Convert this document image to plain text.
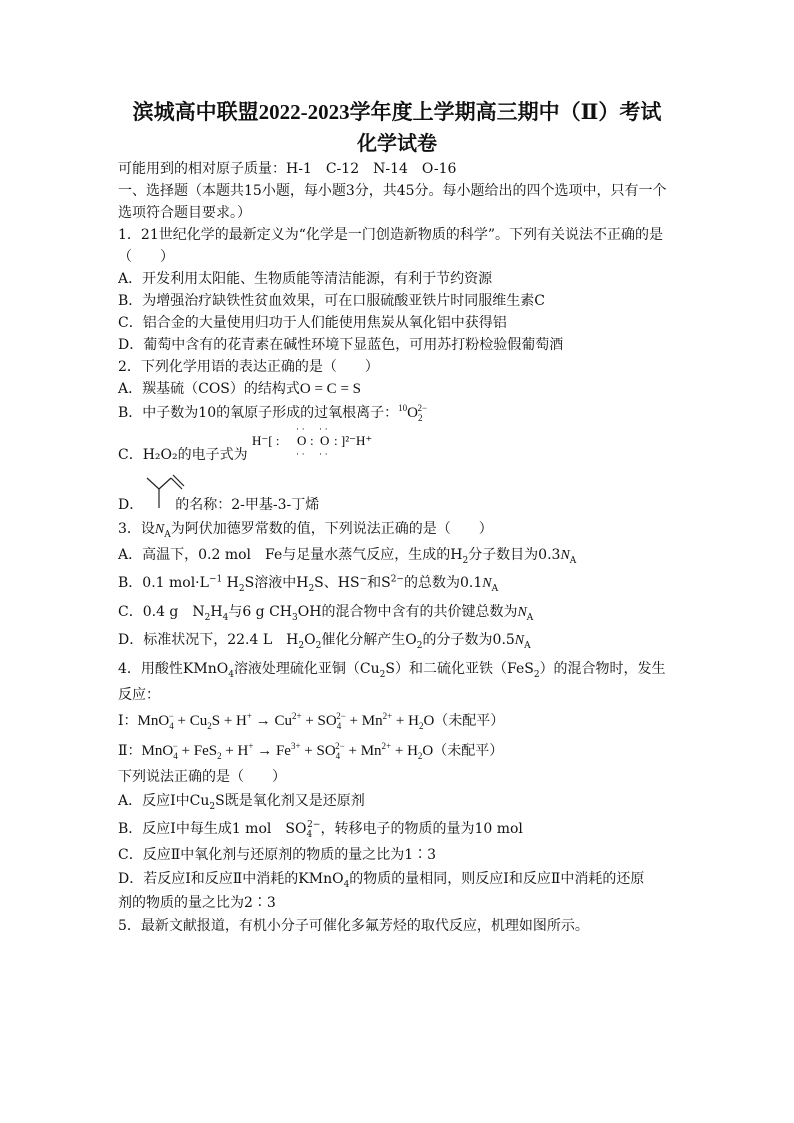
滨城高中联盟2022-2023学年度上学期高三期中（Ⅱ）考试
化学试卷
可能用到的相对原子质量：H-1　C-12　N-14　O-16
一、选择题（本题共15小题，每小题3分，共45分。每小题给出的四个选项中，只有一个
选项符合题目要求。）
1．21世纪化学的最新定义为“化学是一门创造新物质的科学”。下列有关说法不正确的是
（　　）
A．开发利用太阳能、生物质能等清洁能源，有利于节约资源
B．为增强治疗缺铁性贫血效果，可在口服硫酸亚铁片时同服维生素C
C．铝合金的大量使用归功于人们能使用焦炭从氧化铝中获得铝
D．葡萄中含有的花青素在碱性环境下显蓝色，可用苏打粉检验假葡萄酒
2．下列化学用语的表达正确的是（　　）
A．羰基硫（COS）的结构式O = C = S
B．中子数为10的氧原子形成的过氧根离子：$^{10}O_2^{2-}$
H⁻[ : O : O : ]²⁻H⁺
· · · ·
· · · ·
C．H₂O₂的电子式为
D． 的名称：2-甲基-3-丁烯
3．设$N_A$为阿伏加德罗常数的值，下列说法正确的是（　　）
A．高温下，0.2 mol　Fe与足量水蒸气反应，生成的$H_2$分子数目为$0.3N_A$
B．0.1 $mol\cdot L^{-1}$ $H_2S$溶液中$H_2S$、HS−和$S^{2-}$的总数为$0.1N_A$
C．0.4 g　$N_2H_4$与6 g $CH_3OH$的混合物中含有的共价键总数为$N_A$
D．标准状况下，22.4 L　$H_2O_2$催化分解产生$O_2$的分子数为$0.5N_A$
4．用酸性KMnO$_4$溶液处理硫化亚铜$(Cu_2S)$和二硫化亚铁（FeS$_2$）的混合物时，发生
反应：
Ⅰ：$MnO_4^- + Cu_2S + H^+ \to Cu^{2+} + SO_4^{2-} + Mn^{2+} + H_2O$（未配平）
Ⅱ：$MnO_4^- + FeS_2 + H^+ \to Fe^{3+} + SO_4^{2-} + Mn^{2+} + H_2O$（未配平）
下列说法正确的是（　　）
A．反应Ⅰ中$Cu_2S$既是氧化剂又是还原剂
B．反应Ⅰ中每生成1 mol　$SO_4^{2-}$，转移电子的物质的量为10 mol
C．反应Ⅱ中氧化剂与还原剂的物质的量之比为1∶3
D．若反应Ⅰ和反应Ⅱ中消耗的KMnO$_4$的物质的量相同，则反应Ⅰ和反应Ⅱ中消耗的还原
剂的物质的量之比为2∶3
5．最新文献报道，有机小分子可催化多氟芳烃的取代反应，机理如图所示。
